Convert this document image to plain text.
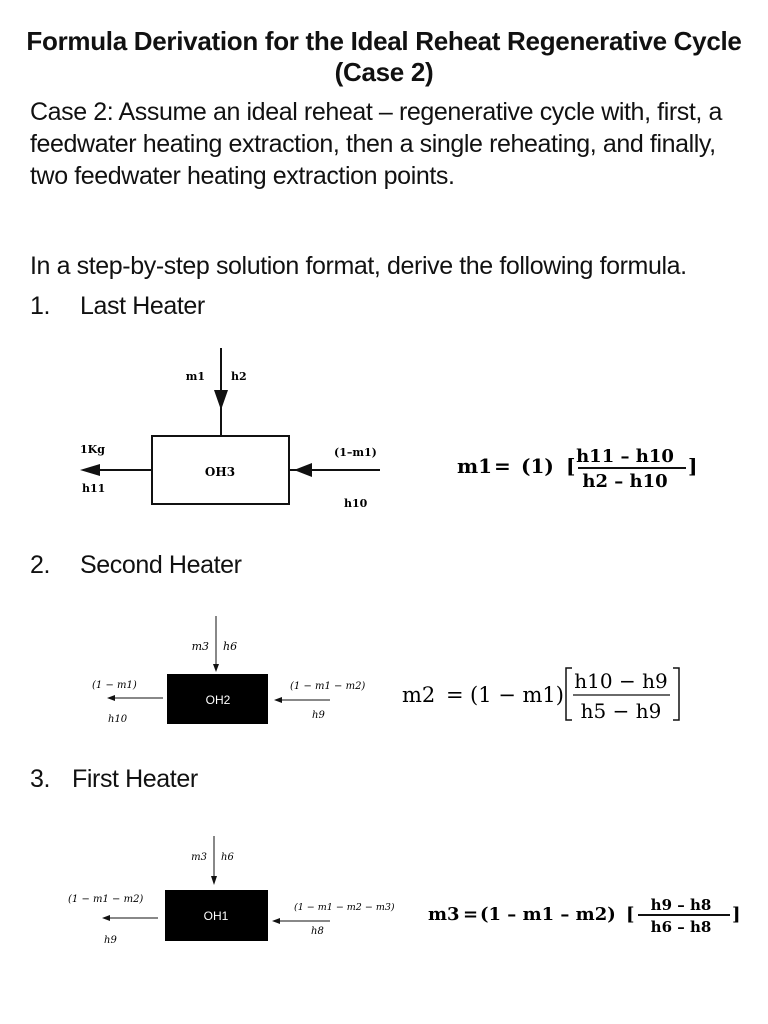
Formula Derivation for the Ideal Reheat Regenerative Cycle
(Case 2)
Case 2: Assume an ideal reheat – regenerative cycle with, first, a
feedwater heating extraction, then a single reheating, and finally,
two feedwater heating extraction points.
In a step-by-step solution format, derive the following formula.
1. Last Heater
OH3
m1 h2
1Kg
h11
(1–m1)
h10
m1 = (1) [ h11 – h10
h2 – h10
]
2. Second Heater
OH2
m3 h6
(1 − m1)
h10
(1 − m1 − m2)
h9
m2 = (1 − m1)
h10 − h9
h5 − h9
3. First Heater
OH1
m3 h6
(1 − m1 − m2)
h9
(1 − m1 − m2 − m3)
h8
m3 = (1 – m1 – m2) [ h9 – h8
h6 – h8
]
